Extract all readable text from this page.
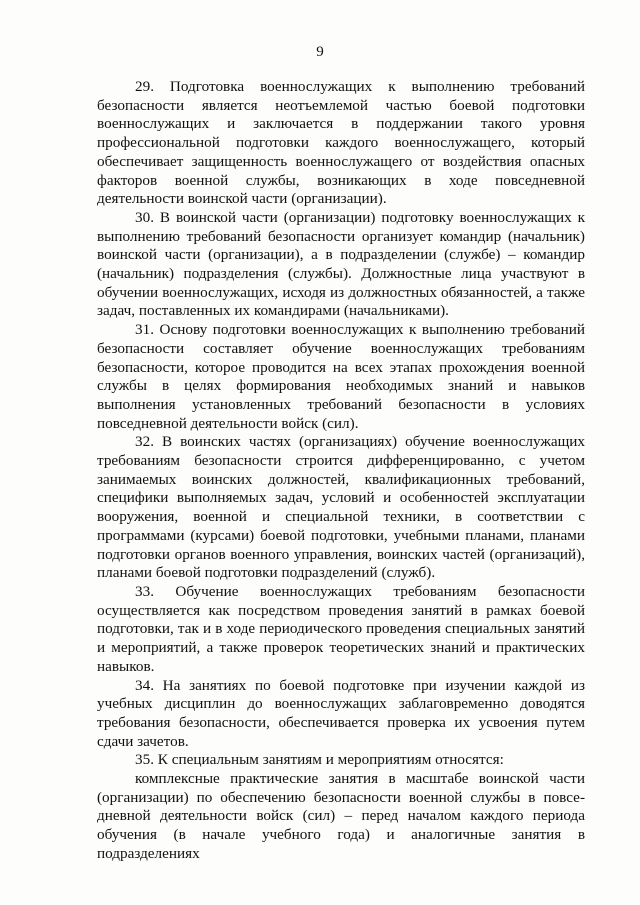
9

29. Подготовка военнослужащих к выполнению требований безопасности является неотъемлемой частью боевой подготовки военнослужащих и заключается в поддержании такого уровня профессиональной подготовки каждого военнослужащего, который обеспечивает защищенность военнослужащего от воздействия опасных факторов военной службы, возникающих в ходе повседневной деятельности воинской части (организации).

30. В воинской части (организации) подготовку военнослужащих к выполнению требований безопасности организует командир (начальник) воинской части (организации), а в подразделении (службе) – командир (начальник) подразделения (службы). Должностные лица участвуют в обучении военнослужащих, исходя из должностных обязанностей, а также задач, поставленных их командирами (начальниками).

31. Основу подготовки военнослужащих к выполнению требований безопасности составляет обучение военнослужащих требованиям безопасности, которое проводится на всех этапах прохождения военной службы в целях формирования необходимых знаний и навыков выполнения установленных требований безопасности в условиях повседневной деятельности войск (сил).

32. В воинских частях (организациях) обучение военнослужащих требованиям безопасности строится дифференцированно, с учетом занимаемых воинских должностей, квалификационных требований, специфики выполняемых задач, условий и особенностей эксплуатации вооружения, военной и специальной техники, в соответствии с программами (курсами) боевой подготовки, учебными планами, планами подготовки органов военного управления, воинских частей (организаций), планами боевой подготовки подразделений (служб).

33. Обучение военнослужащих требованиям безопасности осуществляется как посредством проведения занятий в рамках боевой подготовки, так и в ходе периодического проведения специальных занятий и мероприятий, а также проверок теоретических знаний и практических навыков.

34. На занятиях по боевой подготовке при изучении каждой из учебных дисциплин до военнослужащих заблаговременно доводятся требования безопасности, обеспечивается проверка их усвоения путем сдачи зачетов.

35. К специальным занятиям и мероприятиям относятся:

комплексные практические занятия в масштабе воинской части (организации) по обеспечению безопасности военной службы в повседневной деятельности войск (сил) – перед началом каждого периода обучения (в начале учебного года) и аналогичные занятия в подразделениях
